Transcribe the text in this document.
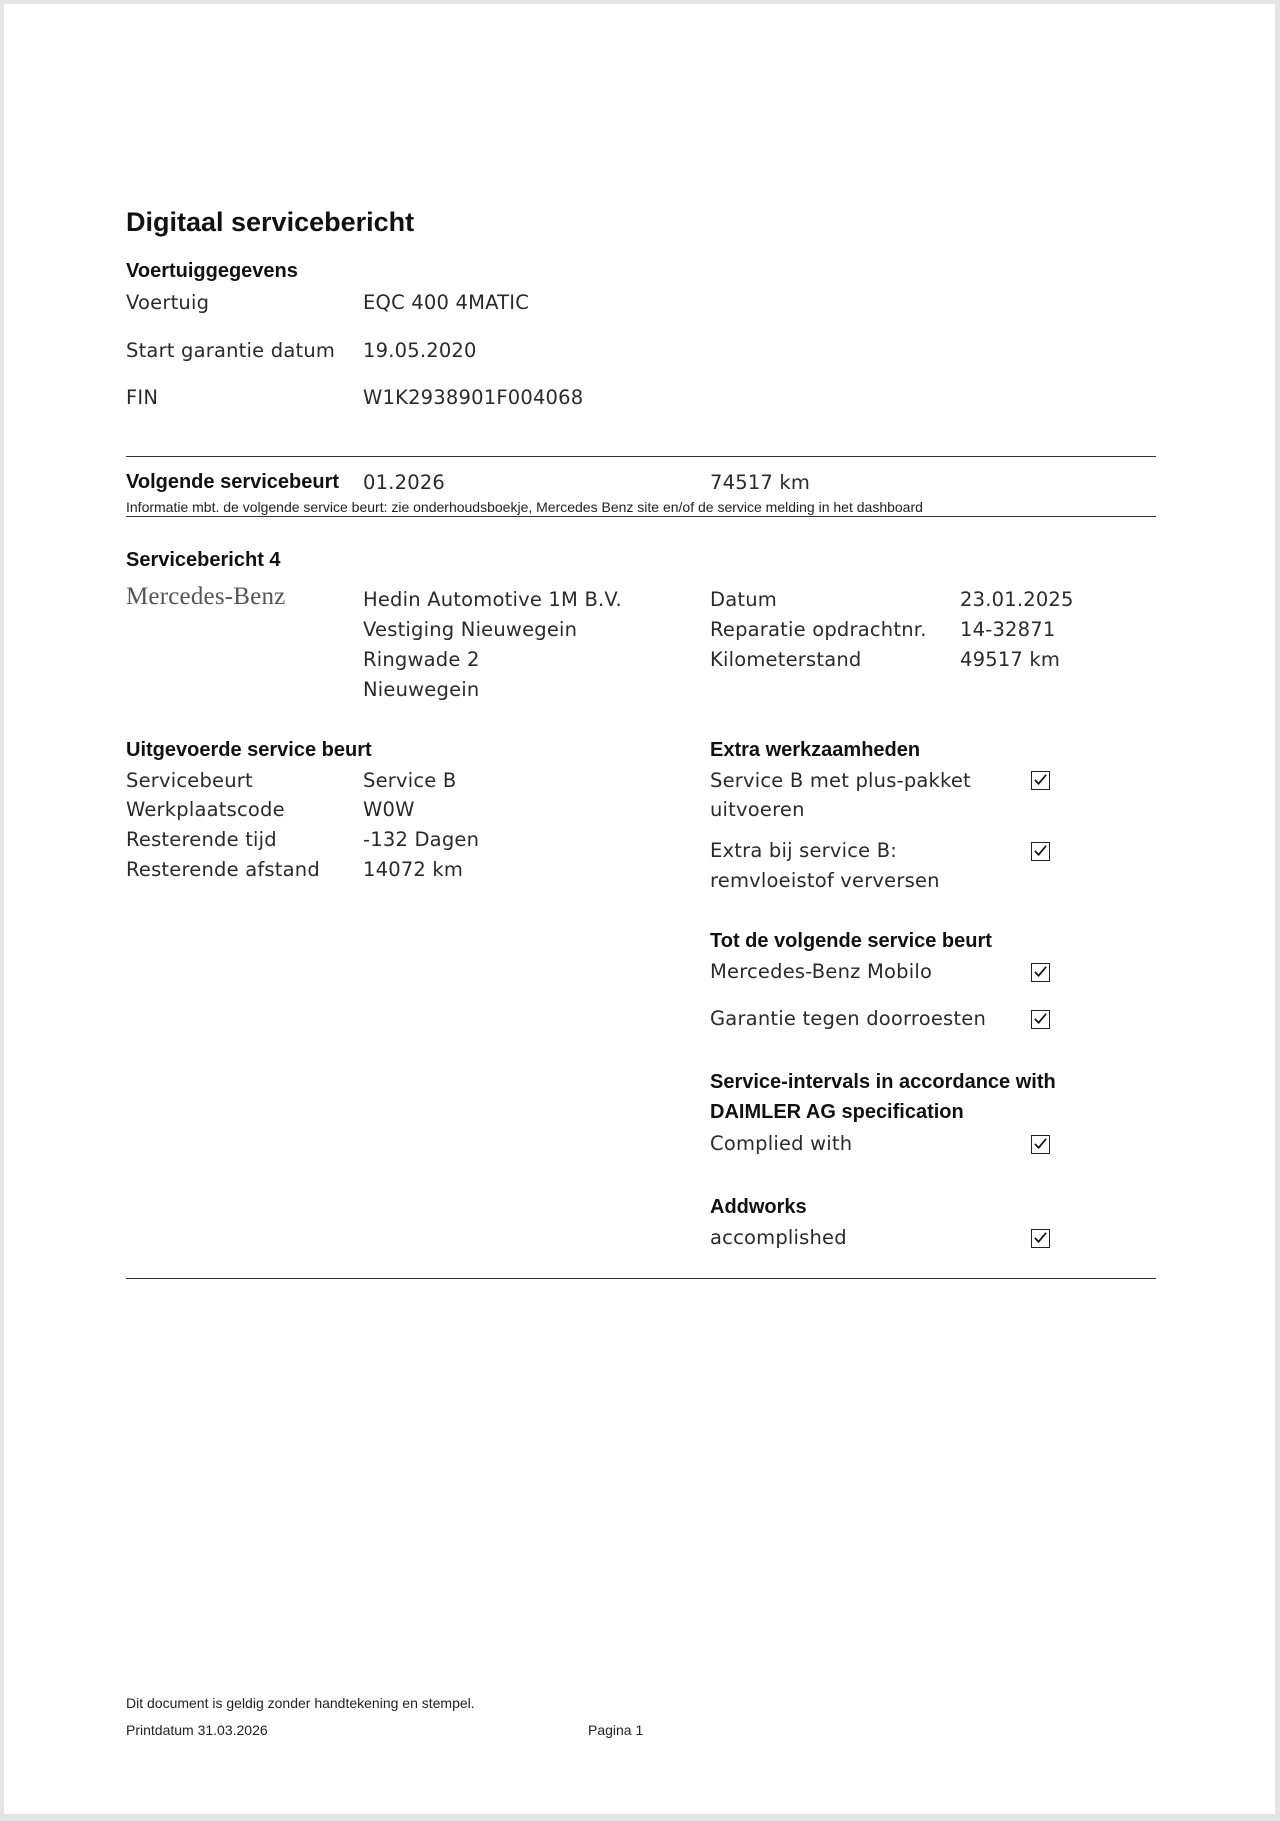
Digitaal servicebericht
Voertuiggegevens
Voertuig	EQC 400 4MATIC
Start garantie datum 19.05.2020
FIN	W1K2938901F004068
Volgende servicebeurt 01.2026	74517 km
Informatie mbt. de volgende service beurt: zie onderhoudsboekje, Mercedes Benz site en/of de service melding in het dashboard
Servicebericht 4
Mercedes-Benz	Hedin Automotive 1M B.V.
Vestiging Nieuwegein
Ringwade 2
Nieuwegein
Datum	23.01.2025
Reparatie opdrachtnr. 14-32871
Kilometerstand	49517 km
Uitgevoerde service beurt
Servicebeurt	Service B
Werkplaatscode	W0W
Resterende tijd	-132 Dagen
Resterende afstand 14072 km
Extra werkzaamheden
Service B met plus-pakket
uitvoeren
Extra bij service B:
remvloeistof verversen
Tot de volgende service beurt
Mercedes-Benz Mobilo
Garantie tegen doorroesten
Service-intervals in accordance with
DAIMLER AG specification
Complied with
Addworks
accomplished
Dit document is geldig zonder handtekening en stempel.
Printdatum 31.03.2026	Pagina 1
